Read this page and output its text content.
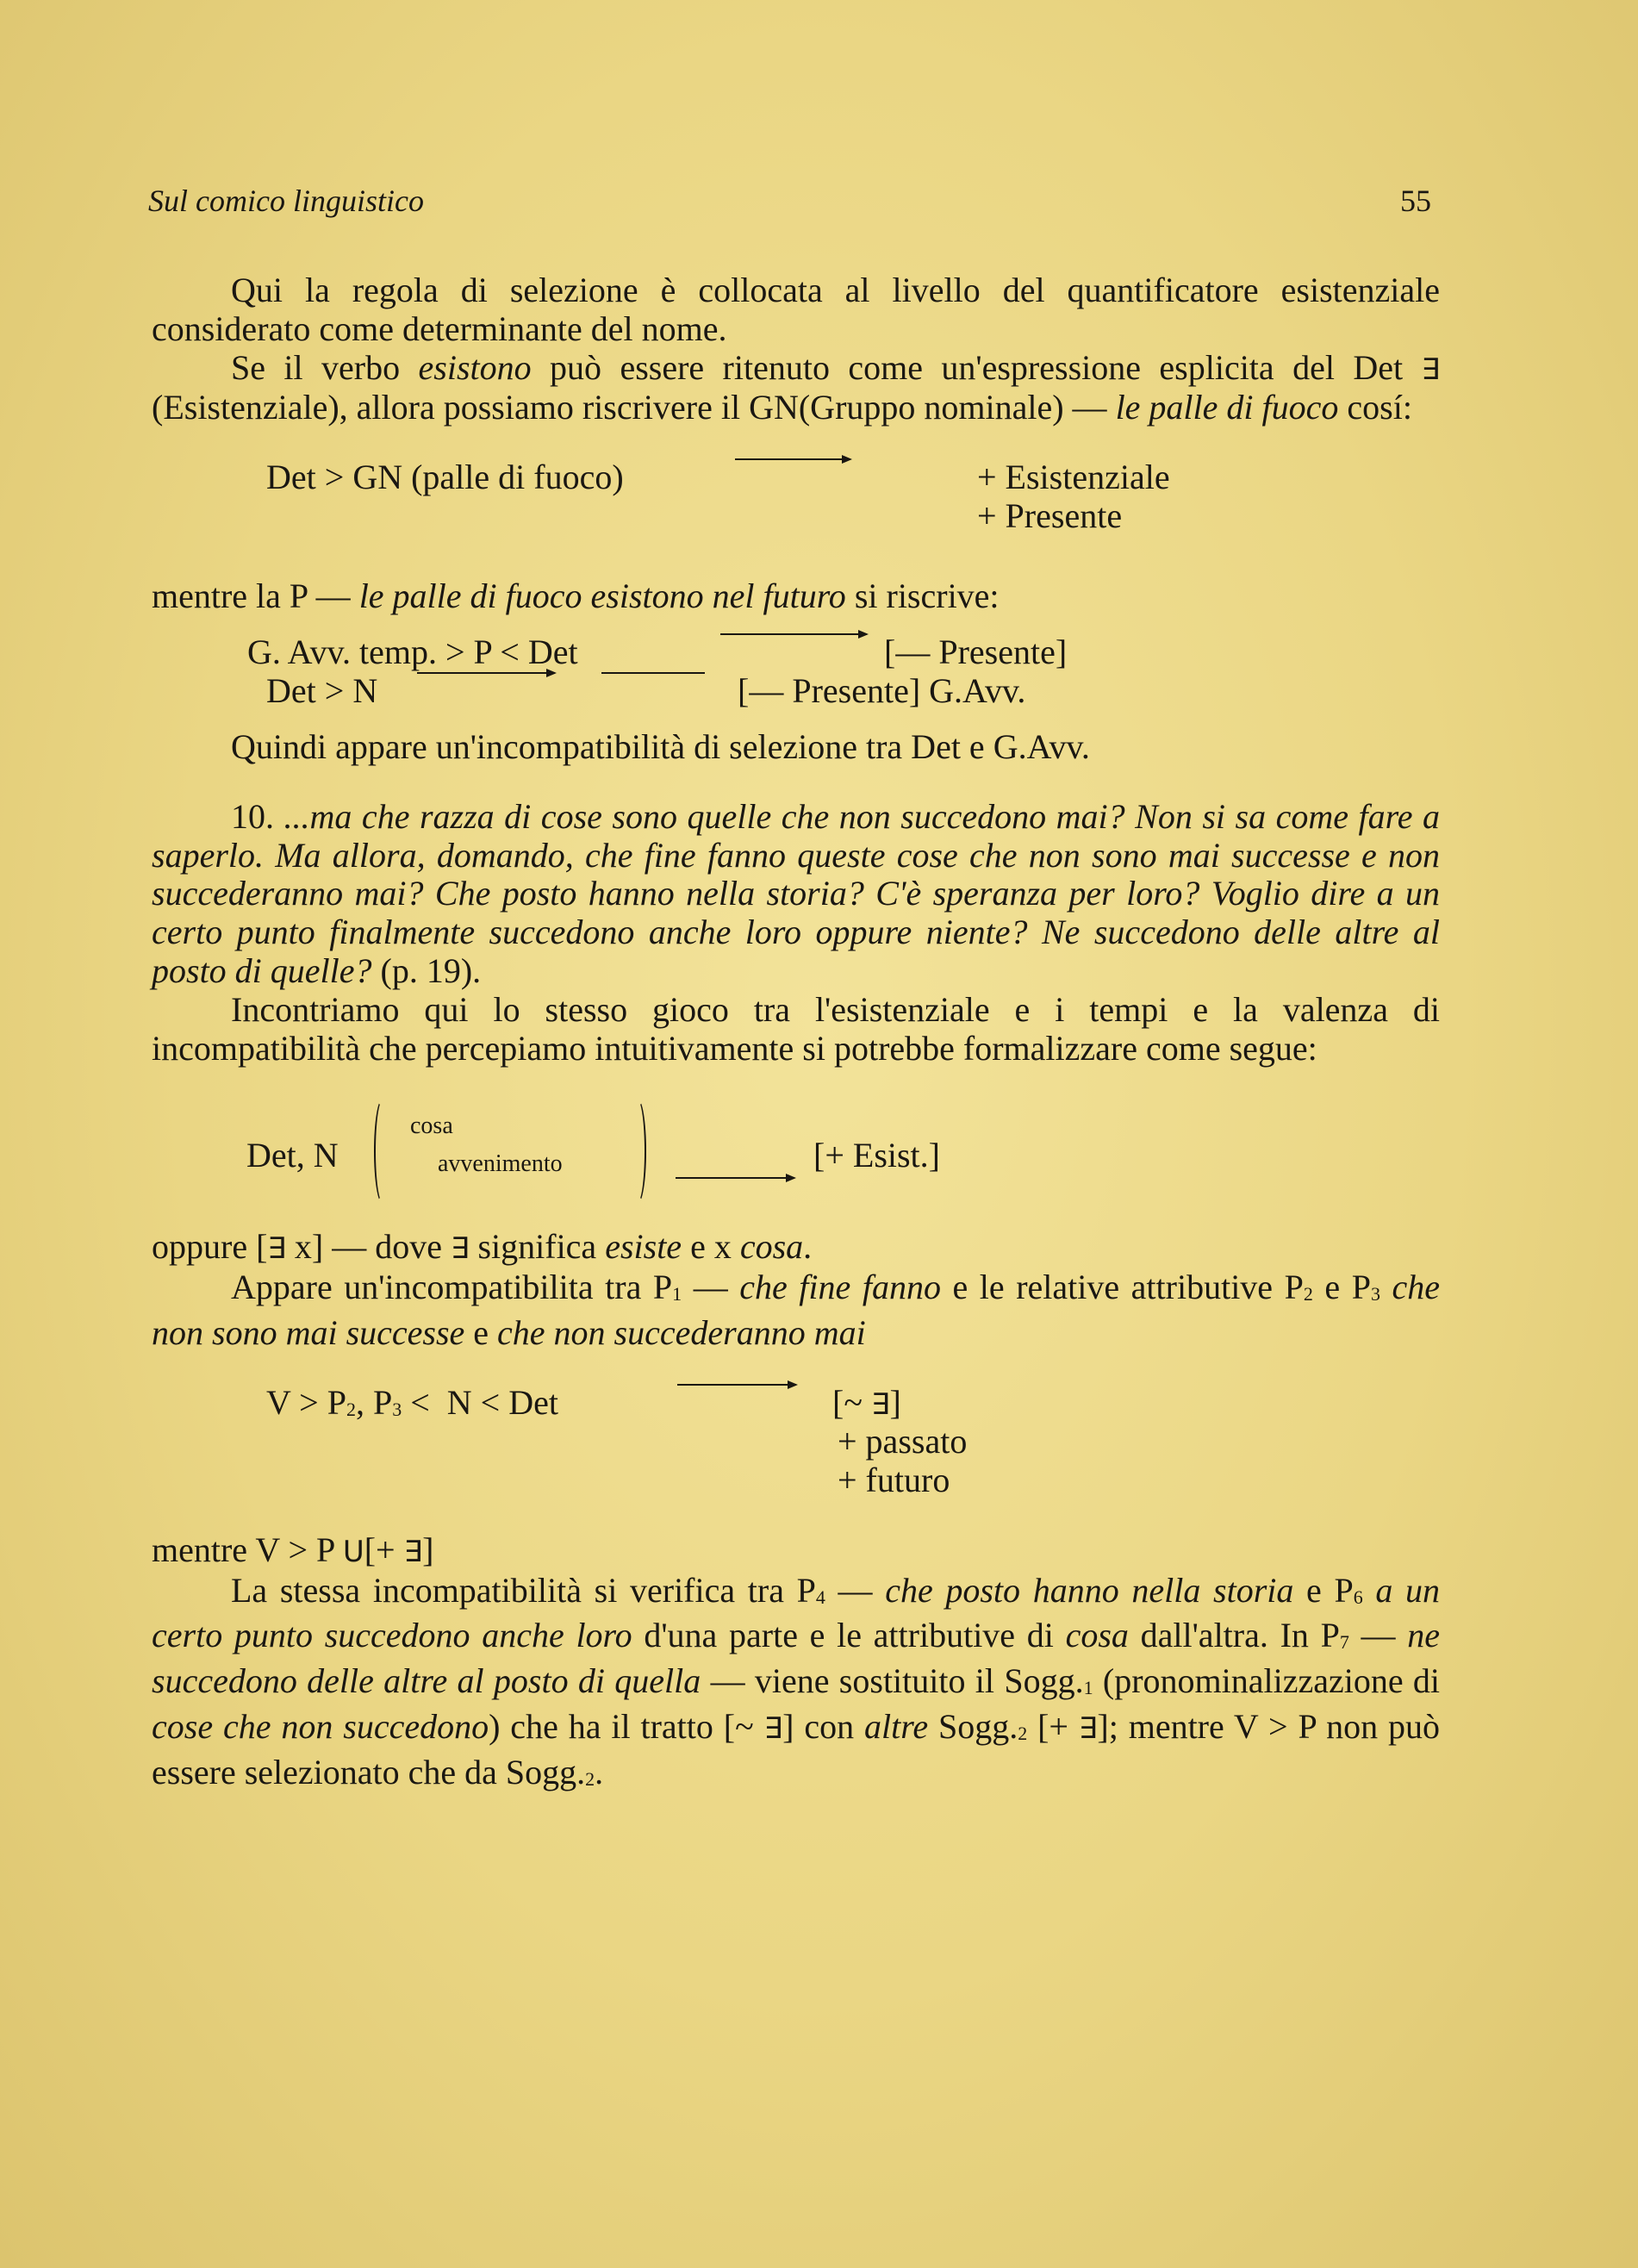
Sul comico linguistico	55

Qui la regola di selezione è collocata al livello del quantificatore esistenziale considerato come determinante del nome.

Se il verbo esistono può essere ritenuto come un'espressione esplicita del Det ∃ (Esistenziale), allora possiamo riscrivere il GN(Gruppo nominale) — le palle di fuoco cosí:

Det > GN (palle di fuoco)	+ Esistenziale
+ Presente

mentre la P — le palle di fuoco esistono nel futuro si riscrive:

G. Avv. temp. > P < Det	[— Presente]
Det > N	[— Presente] G.Avv.

Quindi appare un'incompatibilità di selezione tra Det e G.Avv.

10. ...ma che razza di cose sono quelle che non succedono mai? Non si sa come fare a saperlo. Ma allora, domando, che fine fanno queste cose che non sono mai successe e non succederanno mai? Che posto hanno nella storia? C'è speranza per loro? Voglio dire a un certo punto finalmente succedono anche loro oppure niente? Ne succedono delle altre al posto di quelle? (p. 19).

Incontriamo qui lo stesso gioco tra l'esistenziale e i tempi e la valenza di incompatibilità che percepiamo intuitivamente si potrebbe formalizzare come segue:

Det, N
cosa
avvenimento	[+ Esist.]

oppure [∃ x] — dove ∃ significa esiste e x cosa.

Appare un'incompatibilita tra P1 — che fine fanno e le relative attributive P2 e P3 che non sono mai successe e che non succederanno mai

V > P2, P3 <  N < Det	[~ ∃]
+ passato
+ futuro

mentre V > P U[+ ∃]

La stessa incompatibilità si verifica tra P4 — che posto hanno nella storia e P6 a un certo punto succedono anche loro d'una parte e le attributive di cosa dall'altra. In P7 — ne succedono delle altre al posto di quella — viene sostituito il Sogg.1 (pronominalizzazione di cose che non succedono) che ha il tratto [~ ∃] con altre Sogg.2 [+ ∃]; mentre V > P non può essere selezionato che da Sogg.2.
